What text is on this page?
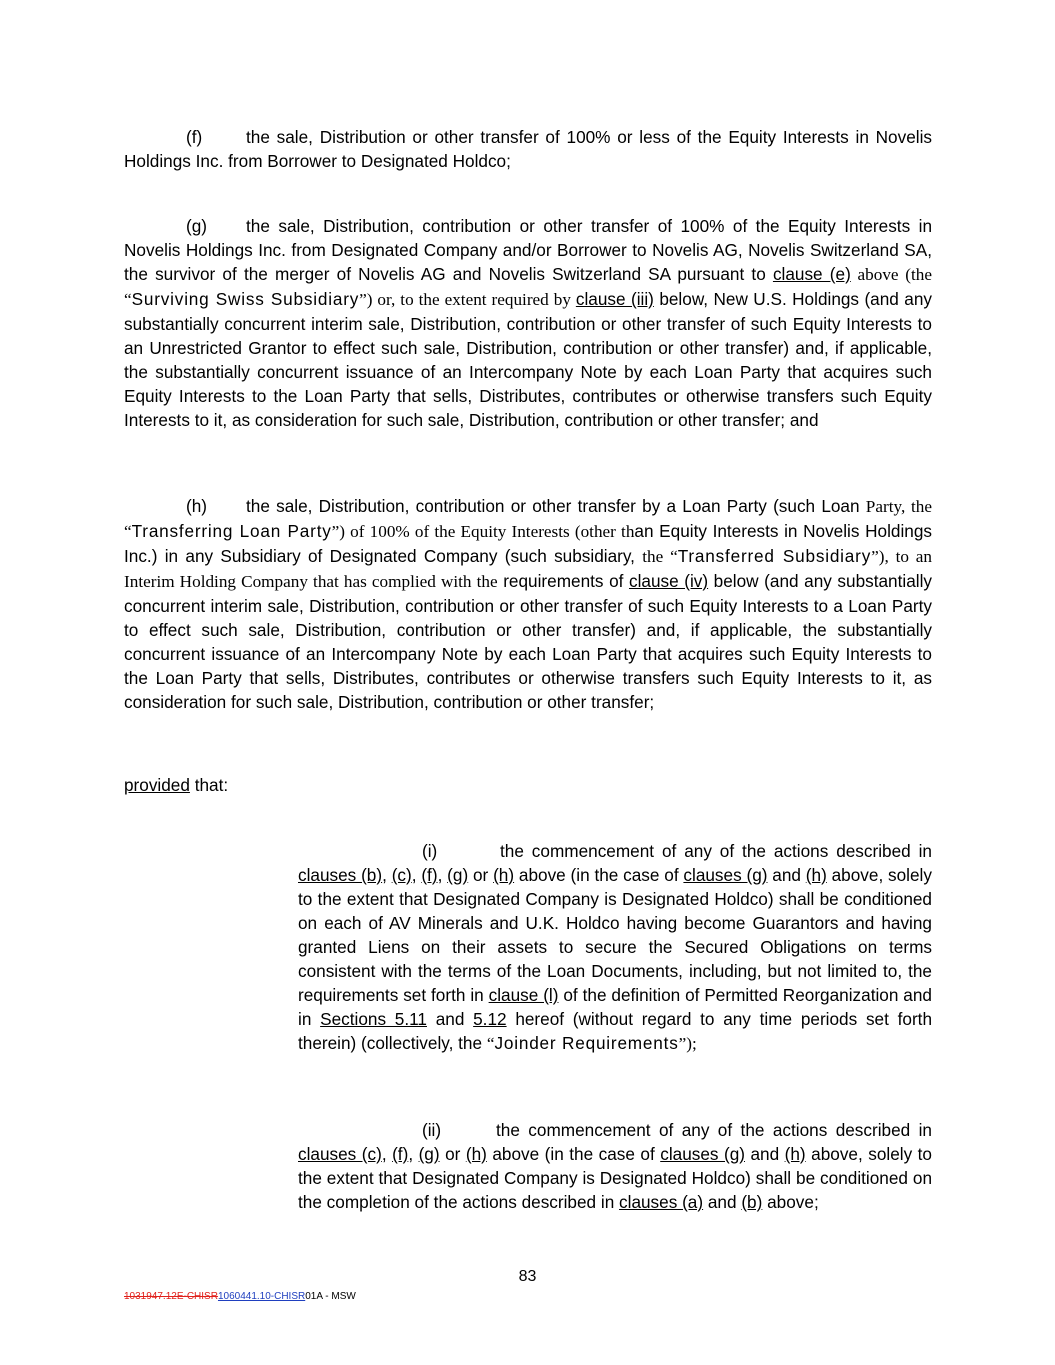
(f)	the sale, Distribution or other transfer of 100% or less of the Equity Interests in Novelis Holdings Inc. from Borrower to Designated Holdco;

(g) the sale, Distribution, contribution or other transfer of 100% of the Equity Interests in Novelis Holdings Inc. from Designated Company and/or Borrower to Novelis AG, Novelis Switzerland SA, the survivor of the merger of Novelis AG and Novelis Switzerland SA pursuant to clause (e) above (the “Surviving Swiss Subsidiary”) or, to the extent required by clause (iii) below, New U.S. Holdings (and any substantially concurrent interim sale, Distribution, contribution or other transfer of such Equity Interests to an Unrestricted Grantor to effect such sale, Distribution, contribution or other transfer) and, if applicable, the substantially concurrent issuance of an Intercompany Note by each Loan Party that acquires such Equity Interests to the Loan Party that sells, Distributes, contributes or otherwise transfers such Equity Interests to it, as consideration for such sale, Distribution, contribution or other transfer; and

(h) the sale, Distribution, contribution or other transfer by a Loan Party (such Loan Party, the “Transferring Loan Party”) of 100% of the Equity Interests (other than Equity Interests in Novelis Holdings Inc.) in any Subsidiary of Designated Company (such subsidiary, the “Transferred Subsidiary”), to an Interim Holding Company that has complied with the requirements of clause (iv) below (and any substantially concurrent interim sale, Distribution, contribution or other transfer of such Equity Interests to a Loan Party to effect such sale, Distribution, contribution or other transfer) and, if applicable, the substantially concurrent issuance of an Intercompany Note by each Loan Party that acquires such Equity Interests to the Loan Party that sells, Distributes, contributes or otherwise transfers such Equity Interests to it, as consideration for such sale, Distribution, contribution or other transfer;

provided that:

(i)	the commencement of any of the actions described in clauses (b), (c), (f), (g) or (h) above (in the case of clauses (g) and (h) above, solely to the extent that Designated Company is Designated Holdco) shall be conditioned on each of AV Minerals and U.K. Holdco having become Guarantors and having granted Liens on their assets to secure the Secured Obligations on terms consistent with the terms of the Loan Documents, including, but not limited to, the requirements set forth in clause (l) of the definition of Permitted Reorganization and in Sections 5.11 and 5.12 hereof (without regard to any time periods set forth therein) (collectively, the “Joinder Requirements”);

(ii)	the commencement of any of the actions described in clauses (c), (f), (g) or (h) above (in the case of clauses (g) and (h) above, solely to the extent that Designated Company is Designated Holdco) shall be conditioned on the completion of the actions described in clauses (a) and (b) above;

83
1031947.12E-CHISR1060441.10-CHISR01A - MSW
